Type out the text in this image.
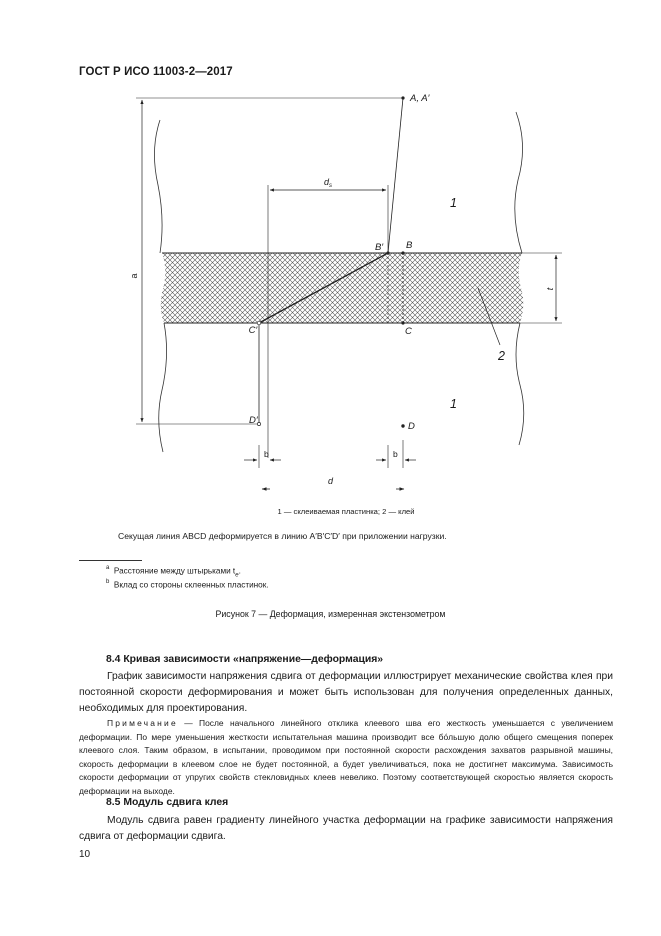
ГОСТ Р ИСО 11003-2—2017
A, A′
B′ B
C′	C
D′
D
$d_s$
a
t
b	b
d
1
1
2
1 — склеиваемая пластинка; 2 — клей
Секущая линия ABCD деформируется в линию A′B′C′D′ при приложении нагрузки.
$^a$ Расстояние между штырьками $t_e$.
$^b$ Вклад со стороны склеенных пластинок.
Рисунок 7 — Деформация, измеренная экстензометром
8.4 Кривая зависимости «напряжение—деформация»
График зависимости напряжения сдвига от деформации иллюстрирует механические свойства клея при постоянной скорости деформирования и может быть использован для получения определенных данных, необходимых для проектирования.
Примечание — После начального линейного отклика клеевого шва его жесткость уменьшается с увеличением деформации. По мере уменьшения жесткости испытательная машина производит все бо́льшую долю общего смещения поперек клеевого слоя. Таким образом, в испытании, проводимом при постоянной скорости расхождения захватов разрывной машины, скорость деформации в клеевом слое не будет постоянной, а будет увеличиваться, пока не достигнет максимума. Зависимость скорости деформации от упругих свойств стекловидных клеев невелико. Поэтому соответствующей скоростью является скорость деформации на выходе.
8.5 Модуль сдвига клея
Модуль сдвига равен градиенту линейного участка деформации на графике зависимости напряжения сдвига от деформации сдвига.
10
